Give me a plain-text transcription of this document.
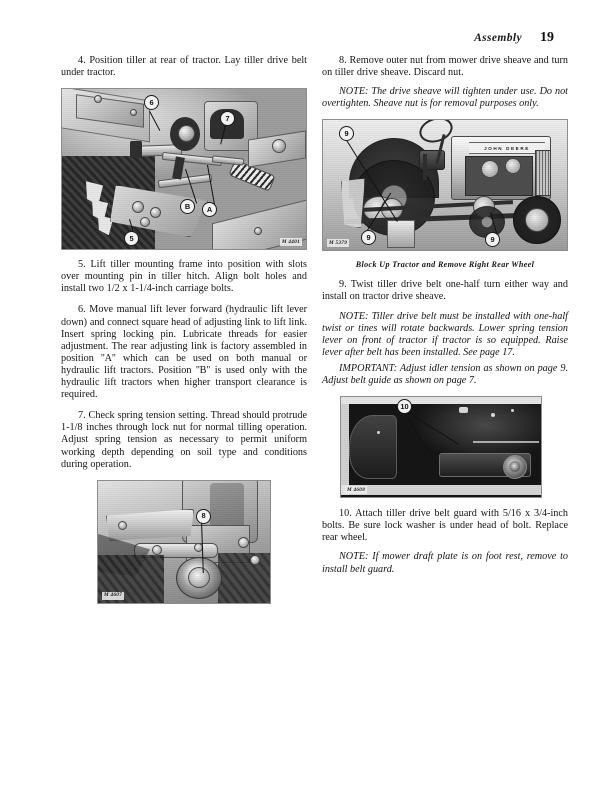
Assembly 19

4. Position tiller at rear of tractor. Lay tiller drive belt under tractor.

6
7
B	A
5	M 4401

5. Lift tiller mounting frame into position with slots over mounting pin in tiller hitch. Align bolt holes and install two 1/2 x 1-1/4-inch carriage bolts.

6. Move manual lift lever forward (hydraulic lift lever down) and connect square head of adjusting link to lift link. Insert spring locking pin. Lubricate threads for easier adjustment. The rear adjusting link is factory assembled in position ''A'' which can be used on both manual or hydraulic lift tractors. Position ''B'' is used only with the hydraulic lift tractors when higher transport clearance is required.

7. Check spring tension setting. Thread should protrude 1-1/8 inches through lock nut for normal tilling operation. Adjust spring tension as necessary to permit uniform working depth depending on soil type and conditions during operation.

8
M 4607

8. Remove outer nut from mower drive sheave and turn on tiller drive sheave. Discard nut.

NOTE: The drive sheave will tighten under use. Do not overtighten. Sheave nut is for removal purposes only.

JOHN DEERE
9
9	9
M 5379
Block Up Tractor and Remove Right Rear Wheel

9. Twist tiller drive belt one-half turn either way and install on tractor drive sheave.

NOTE: Tiller drive belt must be installed with one-half twist or tines will rotate backwards. Lower spring tension lever on front of tractor if tractor is so equipped. Raise lever after belt has been installed. See page 17.

IMPORTANT: Adjust idler tension as shown on page 9. Adjust belt guide as shown on page 7.

10
M 4608

10. Attach tiller drive belt guard with 5/16 x 3/4-inch bolts. Be sure lock washer is under head of bolt. Replace rear wheel.

NOTE: If mower draft plate is on foot rest, remove to install belt guard.
